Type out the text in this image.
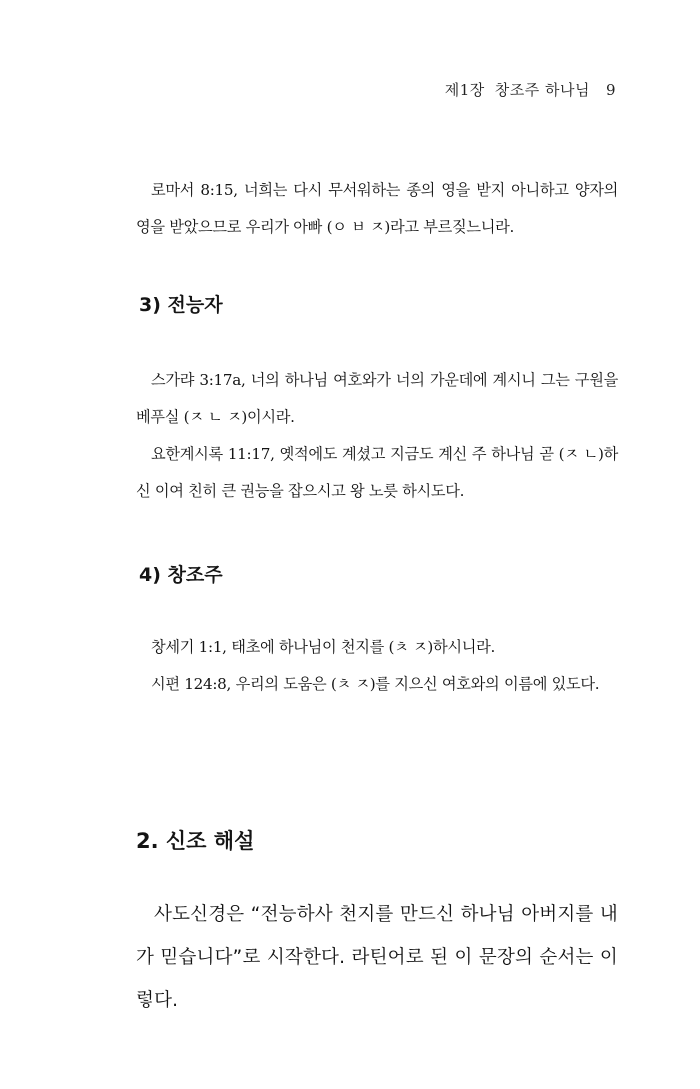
제1장 창조주 하나님 9

로마서 8:15, 너희는 다시 무서워하는 종의 영을 받지 아니하고 양자의 영을 받았으므로 우리가 아빠 (ㅇ ㅂ ㅈ)라고 부르짖느니라.

3) 전능자

스가랴 3:17a, 너의 하나님 여호와가 너의 가운데에 계시니 그는 구원을 베푸실 (ㅈ ㄴ ㅈ)이시라.

요한계시록 11:17, 옛적에도 계셨고 지금도 계신 주 하나님 곧 (ㅈ ㄴ)하신 이여 친히 큰 권능을 잡으시고 왕 노릇 하시도다.

4) 창조주

창세기 1:1, 태초에 하나님이 천지를 (ㅊ ㅈ)하시니라.

시편 124:8, 우리의 도움은 (ㅊ ㅈ)를 지으신 여호와의 이름에 있도다.

2. 신조 해설

사도신경은 “전능하사 천지를 만드신 하나님 아버지를 내가 믿습니다”로 시작한다. 라틴어로 된 이 문장의 순서는 이렇다.
